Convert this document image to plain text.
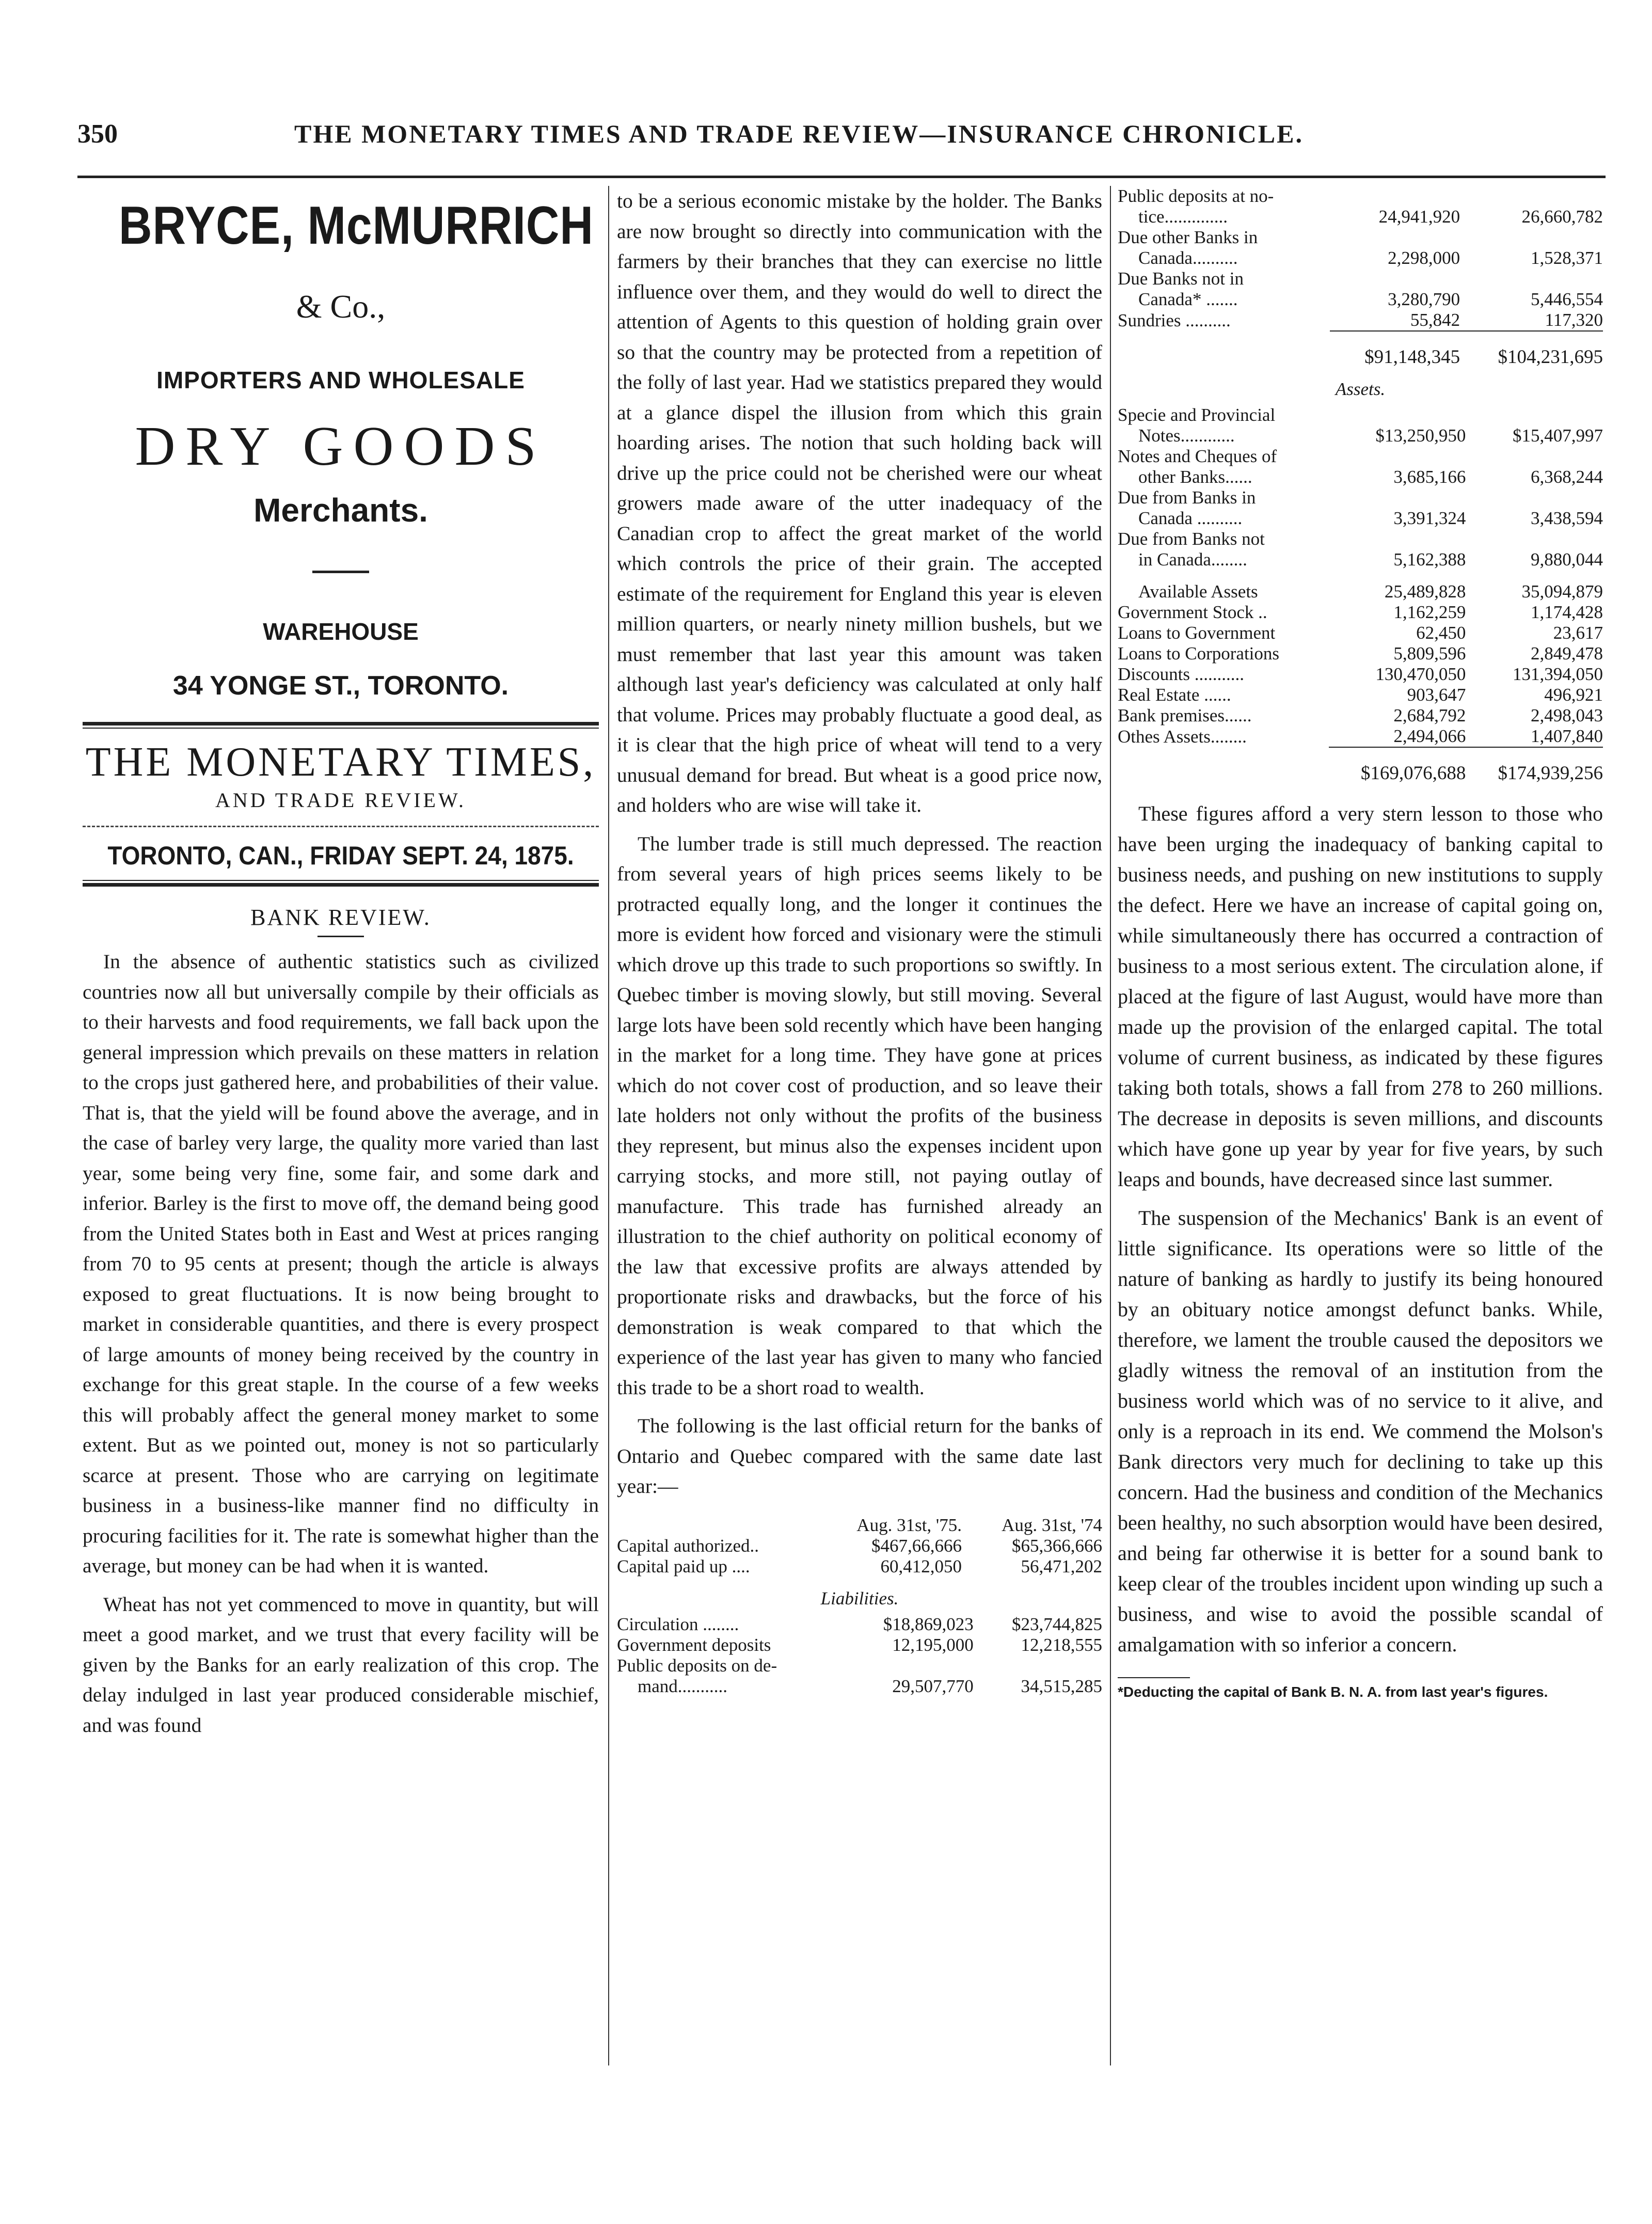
350	THE MONETARY TIMES AND TRADE REVIEW—INSURANCE CHRONICLE.
BRYCE, McMURRICH
& Co.,
IMPORTERS AND WHOLESALE
DRY GOODS
Merchants.
WAREHOUSE
34 YONGE ST., TORONTO.
THE MONETARY TIMES,
AND TRADE REVIEW.
TORONTO, CAN., FRIDAY SEPT. 24, 1875.
BANK REVIEW.

In the absence of authentic statistics such as civilized countries now all but universally compile by their officials as to their harvests and food requirements, we fall back upon the general impression which prevails on these matters in relation to the crops just gathered here, and probabilities of their value. That is, that the yield will be found above the average, and in the case of barley very large, the quality more varied than last year, some being very fine, some fair, and some dark and inferior. Barley is the first to move off, the demand being good from the United States both in East and West at prices ranging from 70 to 95 cents at present; though the article is always exposed to great fluctuations. It is now being brought to market in considerable quantities, and there is every prospect of large amounts of money being received by the country in exchange for this great staple. In the course of a few weeks this will probably affect the general money market to some extent. But as we pointed out, money is not so particularly scarce at present. Those who are carrying on legitimate business in a business-like manner find no difficulty in procuring facilities for it. The rate is somewhat higher than the average, but money can be had when it is wanted.

Wheat has not yet commenced to move in quantity, but will meet a good market, and we trust that every facility will be given by the Banks for an early realization of this crop. The delay indulged in last year produced considerable mischief, and was found

to be a serious economic mistake by the holder. The Banks are now brought so directly into communication with the farmers by their branches that they can exercise no little influence over them, and they would do well to direct the attention of Agents to this question of holding grain over so that the country may be protected from a repetition of the folly of last year. Had we statistics prepared they would at a glance dispel the illusion from which this grain hoarding arises. The notion that such holding back will drive up the price could not be cherished were our wheat growers made aware of the utter inadequacy of the Canadian crop to affect the great market of the world which controls the price of their grain. The accepted estimate of the requirement for England this year is eleven million quarters, or nearly ninety million bushels, but we must remember that last year this amount was taken although last year's deficiency was calculated at only half that volume. Prices may probably fluctuate a good deal, as it is clear that the high price of wheat will tend to a very unusual demand for bread. But wheat is a good price now, and holders who are wise will take it.

The lumber trade is still much depressed. The reaction from several years of high prices seems likely to be protracted equally long, and the longer it continues the more is evident how forced and visionary were the stimuli which drove up this trade to such proportions so swiftly. In Quebec timber is moving slowly, but still moving. Several large lots have been sold recently which have been hanging in the market for a long time. They have gone at prices which do not cover cost of production, and so leave their late holders not only without the profits of the business they represent, but minus also the expenses incident upon carrying stocks, and more still, not paying outlay of manufacture. This trade has furnished already an illustration to the chief authority on political economy of the law that excessive profits are always attended by proportionate risks and drawbacks, but the force of his demonstration is weak compared to that which the experience of the last year has given to many who fancied this trade to be a short road to wealth.

The following is the last official return for the banks of Ontario and Quebec compared with the same date last year:—

	Aug. 31st, '75.	Aug. 31st, '74
Capital authorized..	$467,66,666	$65,366,666
Capital paid up ....	60,412,050	56,471,202
Liabilities.
Circulation ........	$18,869,023	$23,744,825
Government deposits	12,195,000	12,218,555
Public deposits on de-		
mand...........	29,507,770	34,515,285
Public deposits at no-		
tice..............	24,941,920	26,660,782
Due other Banks in		
Canada..........	2,298,000	1,528,371
Due Banks not in		
Canada* .......	3,280,790	5,446,554
Sundries ..........	55,842	117,320
	$91,148,345	$104,231,695
Assets.
Specie and Provincial		
Notes............	$13,250,950	$15,407,997
Notes and Cheques of		
other Banks......	3,685,166	6,368,244
Due from Banks in		
Canada ..........	3,391,324	3,438,594
Due from Banks not		
in Canada........	5,162,388	9,880,044

Available Assets	25,489,828	35,094,879
Government Stock ..	1,162,259	1,174,428
Loans to Government	62,450	23,617
Loans to Corporations	5,809,596	2,849,478
Discounts ...........	130,470,050	131,394,050
Real Estate ......	903,647	496,921
Bank premises......	2,684,792	2,498,043
Othes Assets........	2,494,066	1,407,840
	$169,076,688	$174,939,256

These figures afford a very stern lesson to those who have been urging the inadequacy of banking capital to business needs, and pushing on new institutions to supply the defect. Here we have an increase of capital going on, while simultaneously there has occurred a contraction of business to a most serious extent. The circulation alone, if placed at the figure of last August, would have more than made up the provision of the enlarged capital. The total volume of current business, as indicated by these figures taking both totals, shows a fall from 278 to 260 millions. The decrease in deposits is seven millions, and discounts which have gone up year by year for five years, by such leaps and bounds, have decreased since last summer.

The suspension of the Mechanics' Bank is an event of little significance. Its operations were so little of the nature of banking as hardly to justify its being honoured by an obituary notice amongst defunct banks. While, therefore, we lament the trouble caused the depositors we gladly witness the removal of an institution from the business world which was of no service to it alive, and only is a reproach in its end. We commend the Molson's Bank directors very much for declining to take up this concern. Had the business and condition of the Mechanics been healthy, no such absorption would have been desired, and being far otherwise it is better for a sound bank to keep clear of the troubles incident upon winding up such a business, and wise to avoid the possible scandal of amalgamation with so inferior a concern.

*Deducting the capital of Bank B. N. A. from last year's figures.
